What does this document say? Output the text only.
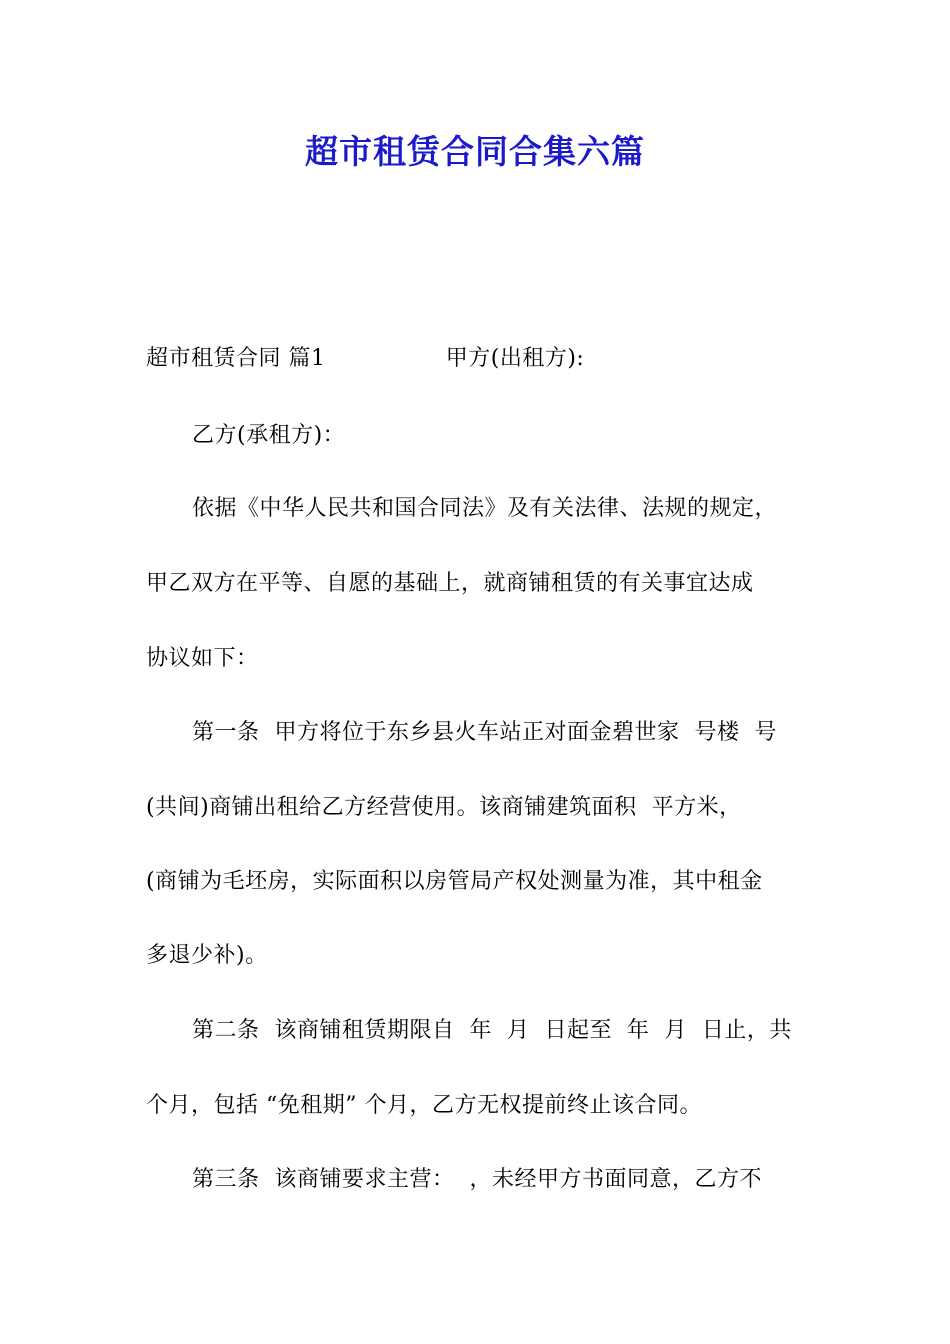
超市租赁合同合集六篇
超市租赁合同 篇1		甲方(出租方):
乙方(承租方)：
依据《中华人民共和国合同法》及有关法律、法规的规定，
甲乙双方在平等、自愿的基础上，就商铺租赁的有关事宜达成
协议如下：
第一条  甲方将位于东乡县火车站正对面金碧世家  号楼  号
(共间)商铺出租给乙方经营使用。该商铺建筑面积  平方米，
(商铺为毛坯房，实际面积以房管局产权处测量为准，其中租金
多退少补)。
第二条  该商铺租赁期限自  年  月  日起至  年  月  日止，共
个月，包括 “免租期” 个月，乙方无权提前终止该合同。
第三条  该商铺要求主营：  ，未经甲方书面同意，乙方不
